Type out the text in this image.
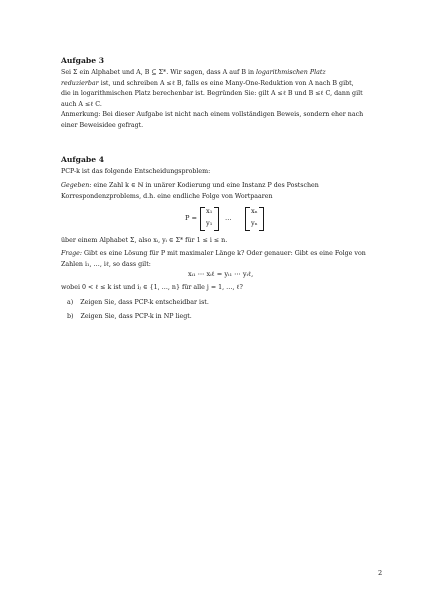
Aufgabe 3
Sei Σ ein Alphabet und A, B ⊆ Σ*. Wir sagen, dass A auf B in logarithmischen Platz
reduzierbar ist, und schreiben A ≤ℓ B, falls es eine Many-One-Reduktion von A nach B gibt,
die in logarithmischen Platz berechenbar ist. Begründen Sie: gilt A ≤ℓ B und B ≤ℓ C, dann gilt
auch A ≤ℓ C.
Anmerkung: Bei dieser Aufgabe ist nicht nach einem vollständigen Beweis, sondern eher nach
einer Beweisidee gefragt.
Aufgabe 4
PCP-k ist das folgende Entscheidungsproblem:
Gegeben: eine Zahl k ∈ ℕ in unärer Kodierung und eine Instanz P des Postschen
Korrespondenzproblems, d.h. eine endliche Folge von Wortpaaren
P =
x₁
y₁
…
xₙ
yₙ
über einem Alphabet Σ, also xᵢ, yᵢ ∈ Σ* für 1 ≤ i ≤ n.
Frage: Gibt es eine Lösung für P mit maximaler Länge k? Oder genauer: Gibt es eine Folge von
Zahlen i₁, …, iℓ, so dass gilt:
xᵢ₁ ⋯ xᵢℓ = yᵢ₁ ⋯ yᵢℓ,
wobei 0 < ℓ ≤ k ist und iⱼ ∈ {1, …, n} für alle j = 1, …, ℓ?
a) Zeigen Sie, dass PCP-k entscheidbar ist.
b) Zeigen Sie, dass PCP-k in NP liegt.
2
